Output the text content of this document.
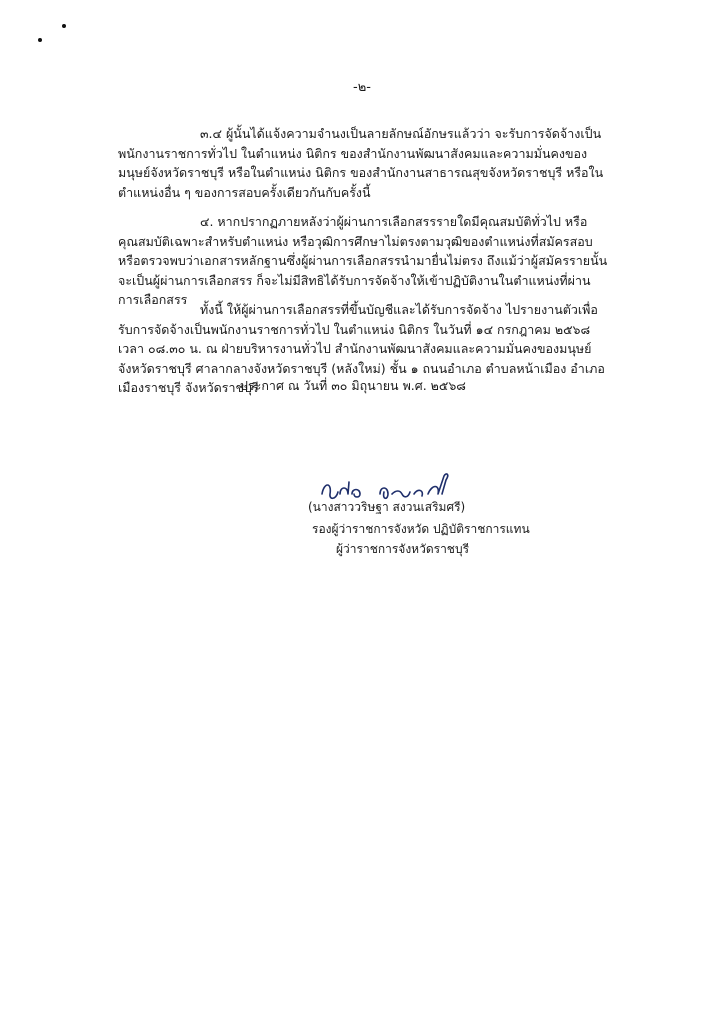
-๒-

๓.๔ ผู้นั้นได้แจ้งความจำนงเป็นลายลักษณ์อักษรแล้วว่า จะรับการจัดจ้างเป็นพนักงานราชการทั่วไป ในตำแหน่ง นิติกร ของสำนักงานพัฒนาสังคมและความมั่นคงของมนุษย์จังหวัดราชบุรี หรือในตำแหน่ง นิติกร ของสำนักงานสาธารณสุขจังหวัดราชบุรี หรือในตำแหน่งอื่น ๆ ของการสอบครั้งเดียวกันกับครั้งนี้

๔. หากปรากฏภายหลังว่าผู้ผ่านการเลือกสรรรายใดมีคุณสมบัติทั่วไป หรือคุณสมบัติเฉพาะสำหรับตำแหน่ง หรือวุฒิการศึกษาไม่ตรงตามวุฒิของตำแหน่งที่สมัครสอบ หรือตรวจพบว่าเอกสารหลักฐานซึ่งผู้ผ่านการเลือกสรรนำมายื่นไม่ตรง ถึงแม้ว่าผู้สมัครรายนั้นจะเป็นผู้ผ่านการเลือกสรร ก็จะไม่มีสิทธิได้รับการจัดจ้างให้เข้าปฏิบัติงานในตำแหน่งที่ผ่านการเลือกสรร

ทั้งนี้ ให้ผู้ผ่านการเลือกสรรที่ขึ้นบัญชีและได้รับการจัดจ้าง ไปรายงานตัวเพื่อรับการจัดจ้างเป็นพนักงานราชการทั่วไป ในตำแหน่ง นิติกร ในวันที่ ๑๔ กรกฎาคม ๒๕๖๘ เวลา ๐๘.๓๐ น. ณ ฝ่ายบริหารงานทั่วไป สำนักงานพัฒนาสังคมและความมั่นคงของมนุษย์จังหวัดราชบุรี ศาลากลางจังหวัดราชบุรี (หลังใหม่) ชั้น ๑ ถนนอำเภอ ตำบลหน้าเมือง อำเภอเมืองราชบุรี จังหวัดราชบุรี

ประกาศ ณ วันที่ ๓๐ มิถุนายน พ.ศ. ๒๕๖๘
(นางสาววริษฐา สงวนเสริมศรี)
รองผู้ว่าราชการจังหวัด ปฏิบัติราชการแทน
ผู้ว่าราชการจังหวัดราชบุรี
